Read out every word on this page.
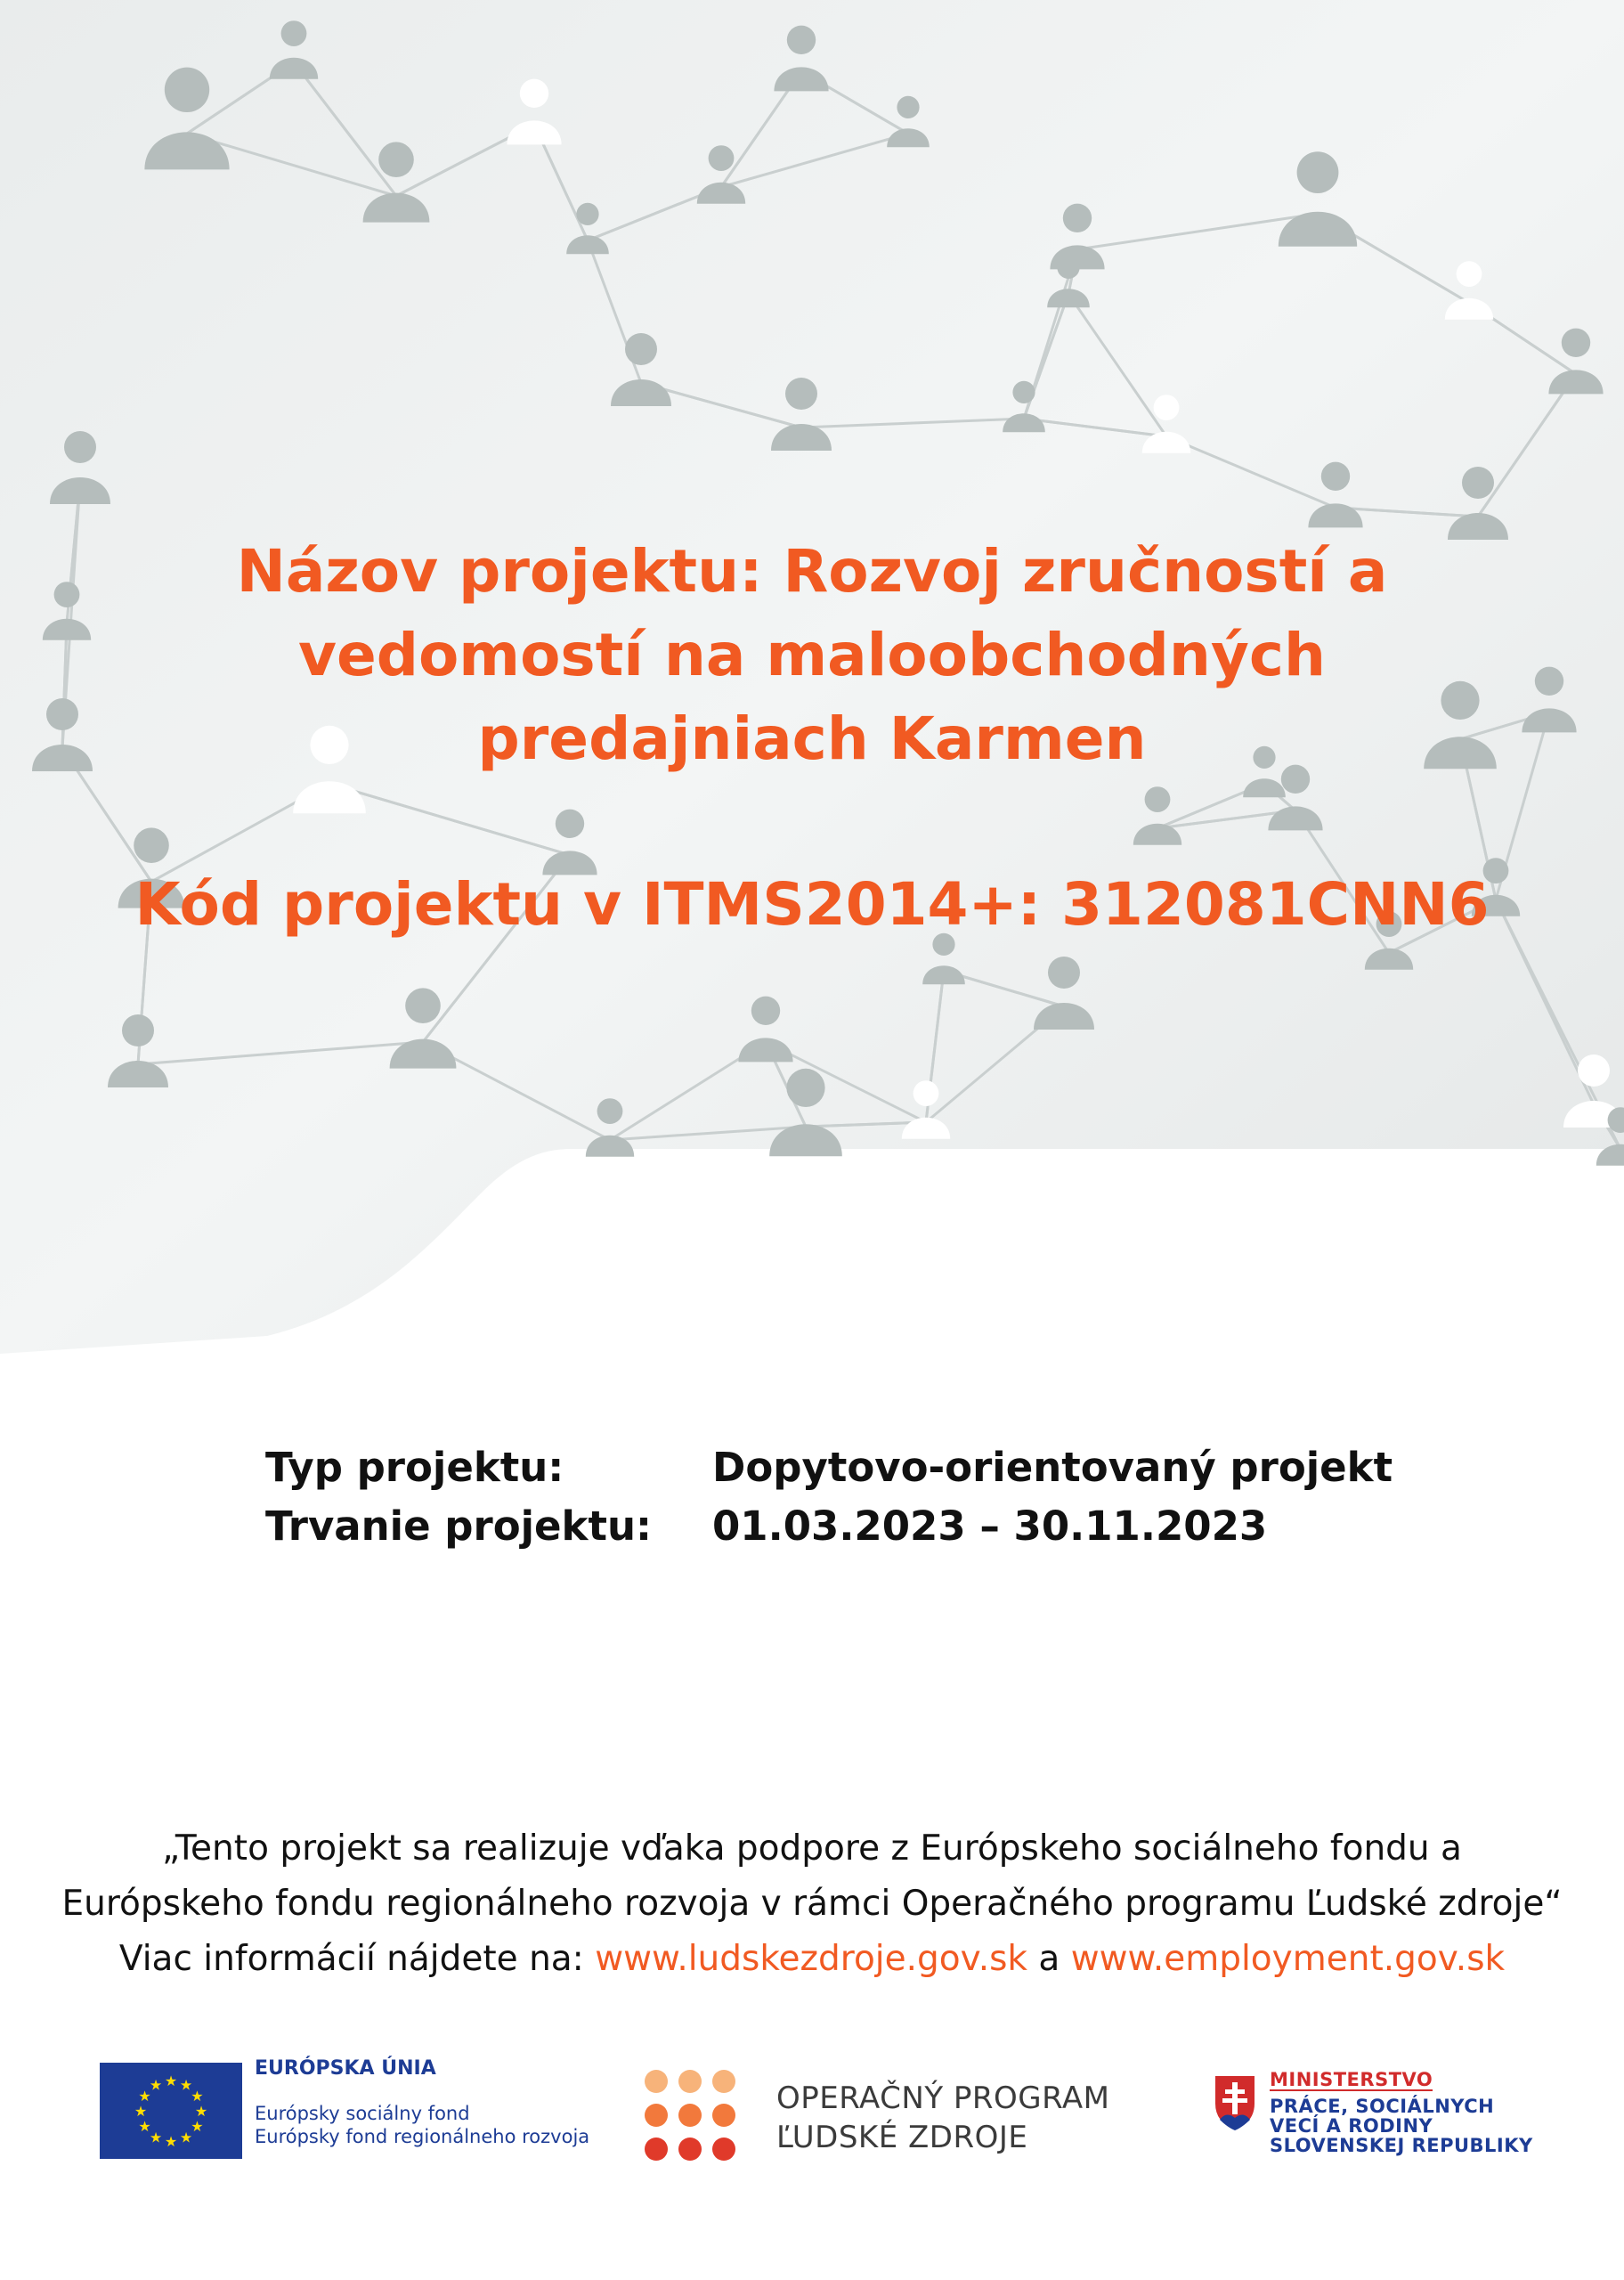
Názov projektu: Rozvoj zručností a
vedomostí na maloobchodných
predajniach Karmen
Kód projektu v ITMS2014+: 312081CNN6
Typ projektu:	Dopytovo-orientovaný projekt
Trvanie projektu:	01.03.2023 – 30.11.2023
„Tento projekt sa realizuje vďaka podpore z Európskeho sociálneho fondu a
Európskeho fondu regionálneho rozvoja v rámci Operačného programu Ľudské zdroje“
Viac informácií nájdete na: www.ludskezdroje.gov.sk a www.employment.gov.sk
★
★
★
★
★
★
★
★
★ ★ ★
★
EURÓPSKA ÚNIA
Európsky sociálny fond
Európsky fond regionálneho rozvoja
OPERAČNÝ PROGRAM
ĽUDSKÉ ZDROJE
MINISTERSTVO
PRÁCE, SOCIÁLNYCH
VECÍ A RODINY
SLOVENSKEJ REPUBLIKY
